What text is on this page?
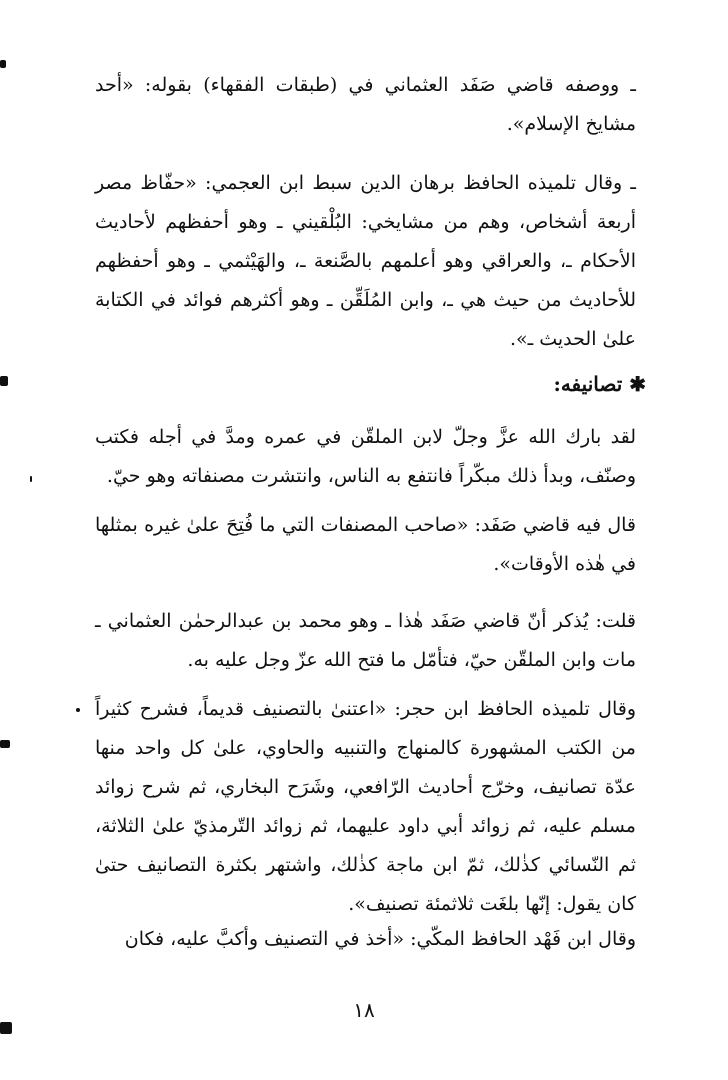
ـ ووصفه قاضي صَفَد العثماني في (طبقات الفقهاء) بقوله: «أحد مشايخ الإسلام».

ـ وقال تلميذه الحافظ برهان الدين سبط ابن العجمي: «حفّاظ مصر أربعة أشخاص، وهم من مشايخي: البُلْقيني ـ وهو أحفظهم لأحاديث الأحكام ـ، والعراقي وهو أعلمهم بالصَّنعة ـ، والهَيْثمي ـ وهو أحفظهم للأحاديث من حيث هي ـ، وابن المُلَقِّن ـ وهو أكثرهم فوائد في الكتابة علىٰ الحديث ـ».

✱ تصانيفه:

لقد بارك الله عزَّ وجلّ لابن الملقّن في عمره ومدَّ في أجله فكتب وصنّف، وبدأ ذلك مبكّراً فانتفع به الناس، وانتشرت مصنفاته وهو حيّ.

قال فيه قاضي صَفَد: «صاحب المصنفات التي ما فُتِحَ علىٰ غيره بمثلها في هٰذه الأوقات».

قلت: يُذكر أنّ قاضي صَفَد هٰذا ـ وهو محمد بن عبدالرحمٰن العثماني ـ مات وابن الملقّن حيّ، فتأمّل ما فتح الله عزّ وجل عليه به.

وقال تلميذه الحافظ ابن حجر: «اعتنىٰ بالتصنيف قديماً، فشرح كثيراً من الكتب المشهورة كالمنهاج والتنبيه والحاوي، علىٰ كل واحد منها عدّة تصانيف، وخرّج أحاديث الرّافعي، وشَرَح البخاري، ثم شرح زوائد مسلم عليه، ثم زوائد أبي داود عليهما، ثم زوائد التّرمذيّ علىٰ الثلاثة، ثم النّسائي كذٰلك، ثمّ ابن ماجة كذٰلك، واشتهر بكثرة التصانيف حتىٰ كان يقول: إنّها بلغَت ثلاثمئة تصنيف».

وقال ابن فَهْد الحافظ المكّي: «أخذ في التصنيف وأكبَّ عليه، فكان

١٨
